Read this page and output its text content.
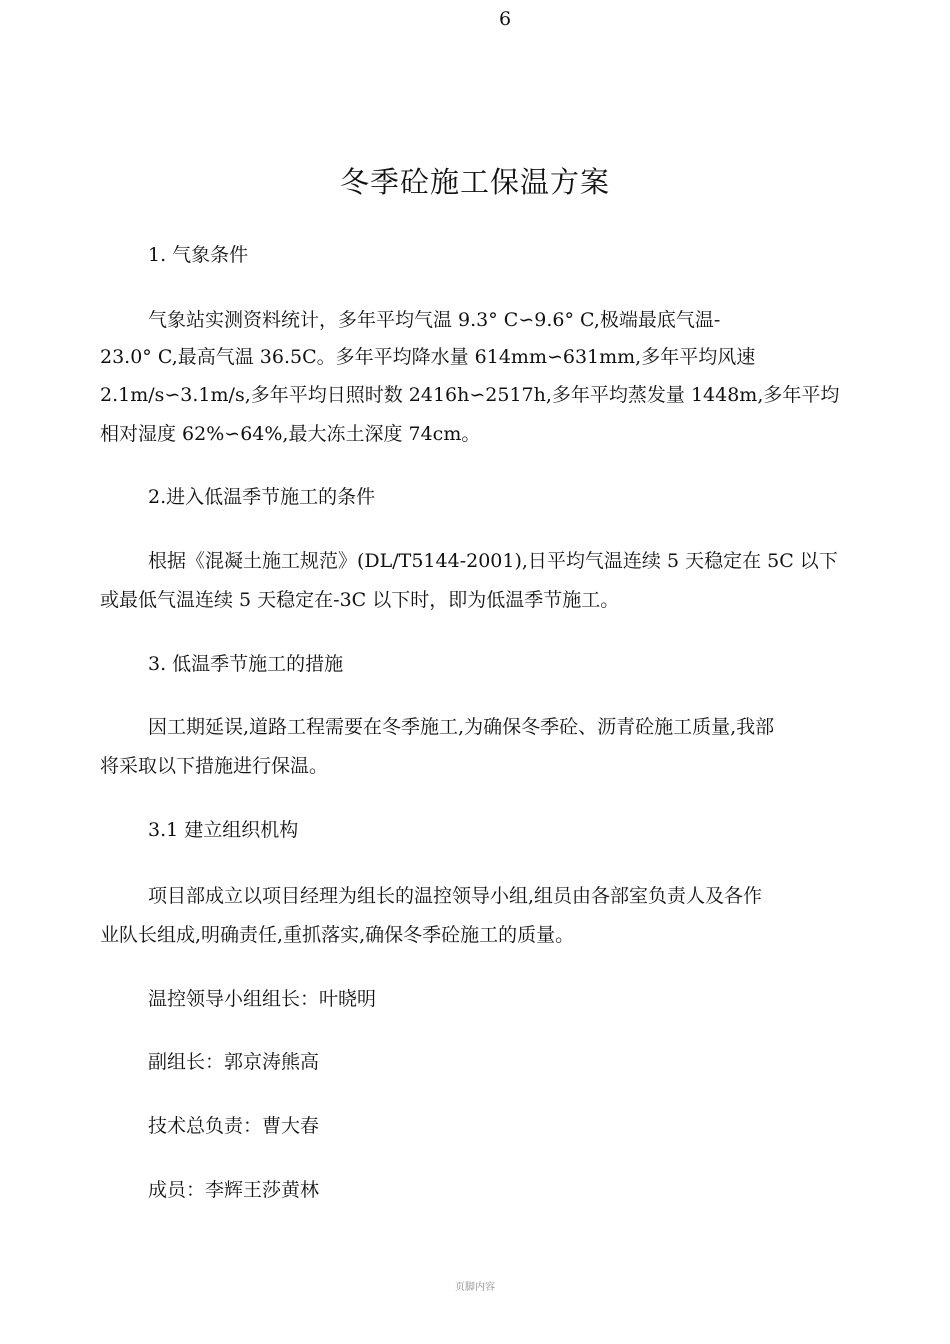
6
冬季砼施工保温方案
1. 气象条件
气象站实测资料统计，多年平均气温 9.3° C∽9.6° C,极端最底气温-
23.0° C,最高气温 36.5C。多年平均降水量 614mm∽631mm,多年平均风速
2.1m/s∽3.1m/s,多年平均日照时数 2416h∽2517h,多年平均蒸发量 1448m,多年平均
相对湿度 62%∽64%,最大冻土深度 74cm。
2.进入低温季节施工的条件
根据《混凝土施工规范》(DL/T5144-2001),日平均气温连续 5 天稳定在 5C 以下
或最低气温连续 5 天稳定在-3C 以下时，即为低温季节施工。
3. 低温季节施工的措施
因工期延误,道路工程需要在冬季施工,为确保冬季砼、沥青砼施工质量,我部
将采取以下措施进行保温。
3.1 建立组织机构
项目部成立以项目经理为组长的温控领导小组,组员由各部室负责人及各作
业队长组成,明确责任,重抓落实,确保冬季砼施工的质量。
温控领导小组组长：叶晓明
副组长：郭京涛熊高
技术总负责：曹大春
成员：李辉王莎黄林
页脚内容
